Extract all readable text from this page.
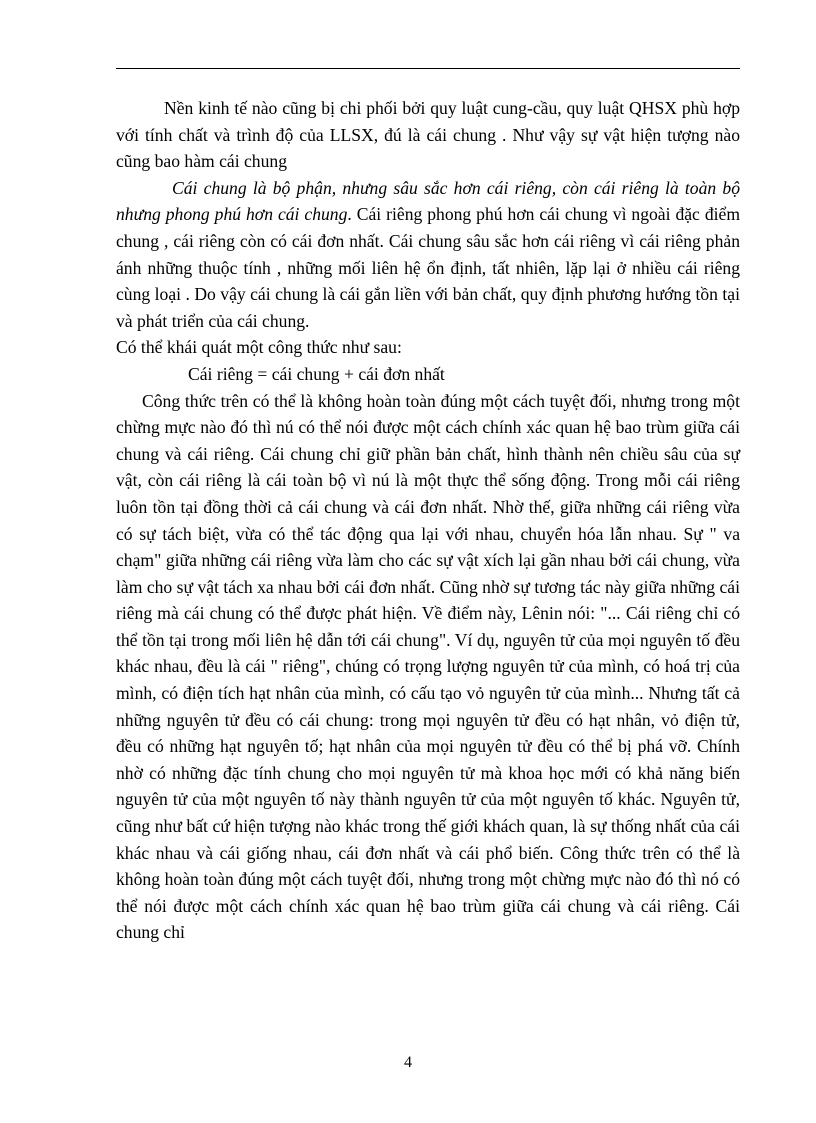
Nền kinh tế nào cũng bị chi phối bởi quy luật cung-cầu, quy luật QHSX phù hợp với tính chất và trình độ của LLSX, đú là cái chung . Như vậy sự vật hiện tượng nào cũng bao hàm cái chung

Cái chung là bộ phận, nhưng sâu sắc hơn cái riêng, còn cái riêng là toàn bộ nhưng phong phú hơn cái chung. Cái riêng phong phú hơn cái chung vì ngoài đặc điểm chung , cái riêng còn có cái đơn nhất. Cái chung sâu sắc hơn cái riêng vì cái riêng phản ánh những thuộc tính , những mối liên hệ ổn định, tất nhiên, lặp lại ở nhiều cái riêng cùng loại . Do vậy cái chung là cái gắn liền với bản chất, quy định phương hướng tồn tại và phát triển của cái chung.

Có thể khái quát một công thức như sau:

Cái riêng = cái chung + cái đơn nhất

Công thức trên có thể là không hoàn toàn đúng một cách tuyệt đối, nhưng trong một chừng mực nào đó thì nú có thể nói được một cách chính xác quan hệ bao trùm giữa cái chung và cái riêng. Cái chung chỉ giữ phần bản chất, hình thành nên chiều sâu của sự vật, còn cái riêng là cái toàn bộ vì nú là một thực thể sống động. Trong mỗi cái riêng luôn tồn tại đồng thời cả cái chung và cái đơn nhất. Nhờ thế, giữa những cái riêng vừa có sự tách biệt, vừa có thể tác động qua lại với nhau, chuyển hóa lẫn nhau. Sự " va chạm" giữa những cái riêng vừa làm cho các sự vật xích lại gần nhau bởi cái chung, vừa làm cho sự vật tách xa nhau bởi cái đơn nhất. Cũng nhờ sự tương tác này giữa những cái riêng mà cái chung có thể được phát hiện. Về điểm này, Lênin nói: "... Cái riêng chỉ có thể tồn tại trong mối liên hệ dẫn tới cái chung". Ví dụ, nguyên tử của mọi nguyên tố đều khác nhau, đều là cái " riêng", chúng có trọng lượng nguyên tử của mình, có hoá trị của mình, có điện tích hạt nhân của mình, có cấu tạo vỏ nguyên tử của mình... Nhưng tất cả những nguyên tử đều có cái chung: trong mọi nguyên tử đều có hạt nhân, vỏ điện tử, đều có những hạt nguyên tố; hạt nhân của mọi nguyên tử đều có thể bị phá vỡ. Chính nhờ có những đặc tính chung cho mọi nguyên tử mà khoa học mới có khả năng biến nguyên tử của một nguyên tố này thành nguyên tử của một nguyên tố khác. Nguyên tử, cũng như bất cứ hiện tượng nào khác trong thế giới khách quan, là sự thống nhất của cái khác nhau và cái giống nhau, cái đơn nhất và cái phổ biến. Công thức trên có thể là không hoàn toàn đúng một cách tuyệt đối, nhưng trong một chừng mực nào đó thì nó có thể nói được một cách chính xác quan hệ bao trùm giữa cái chung và cái riêng. Cái chung chỉ

4
